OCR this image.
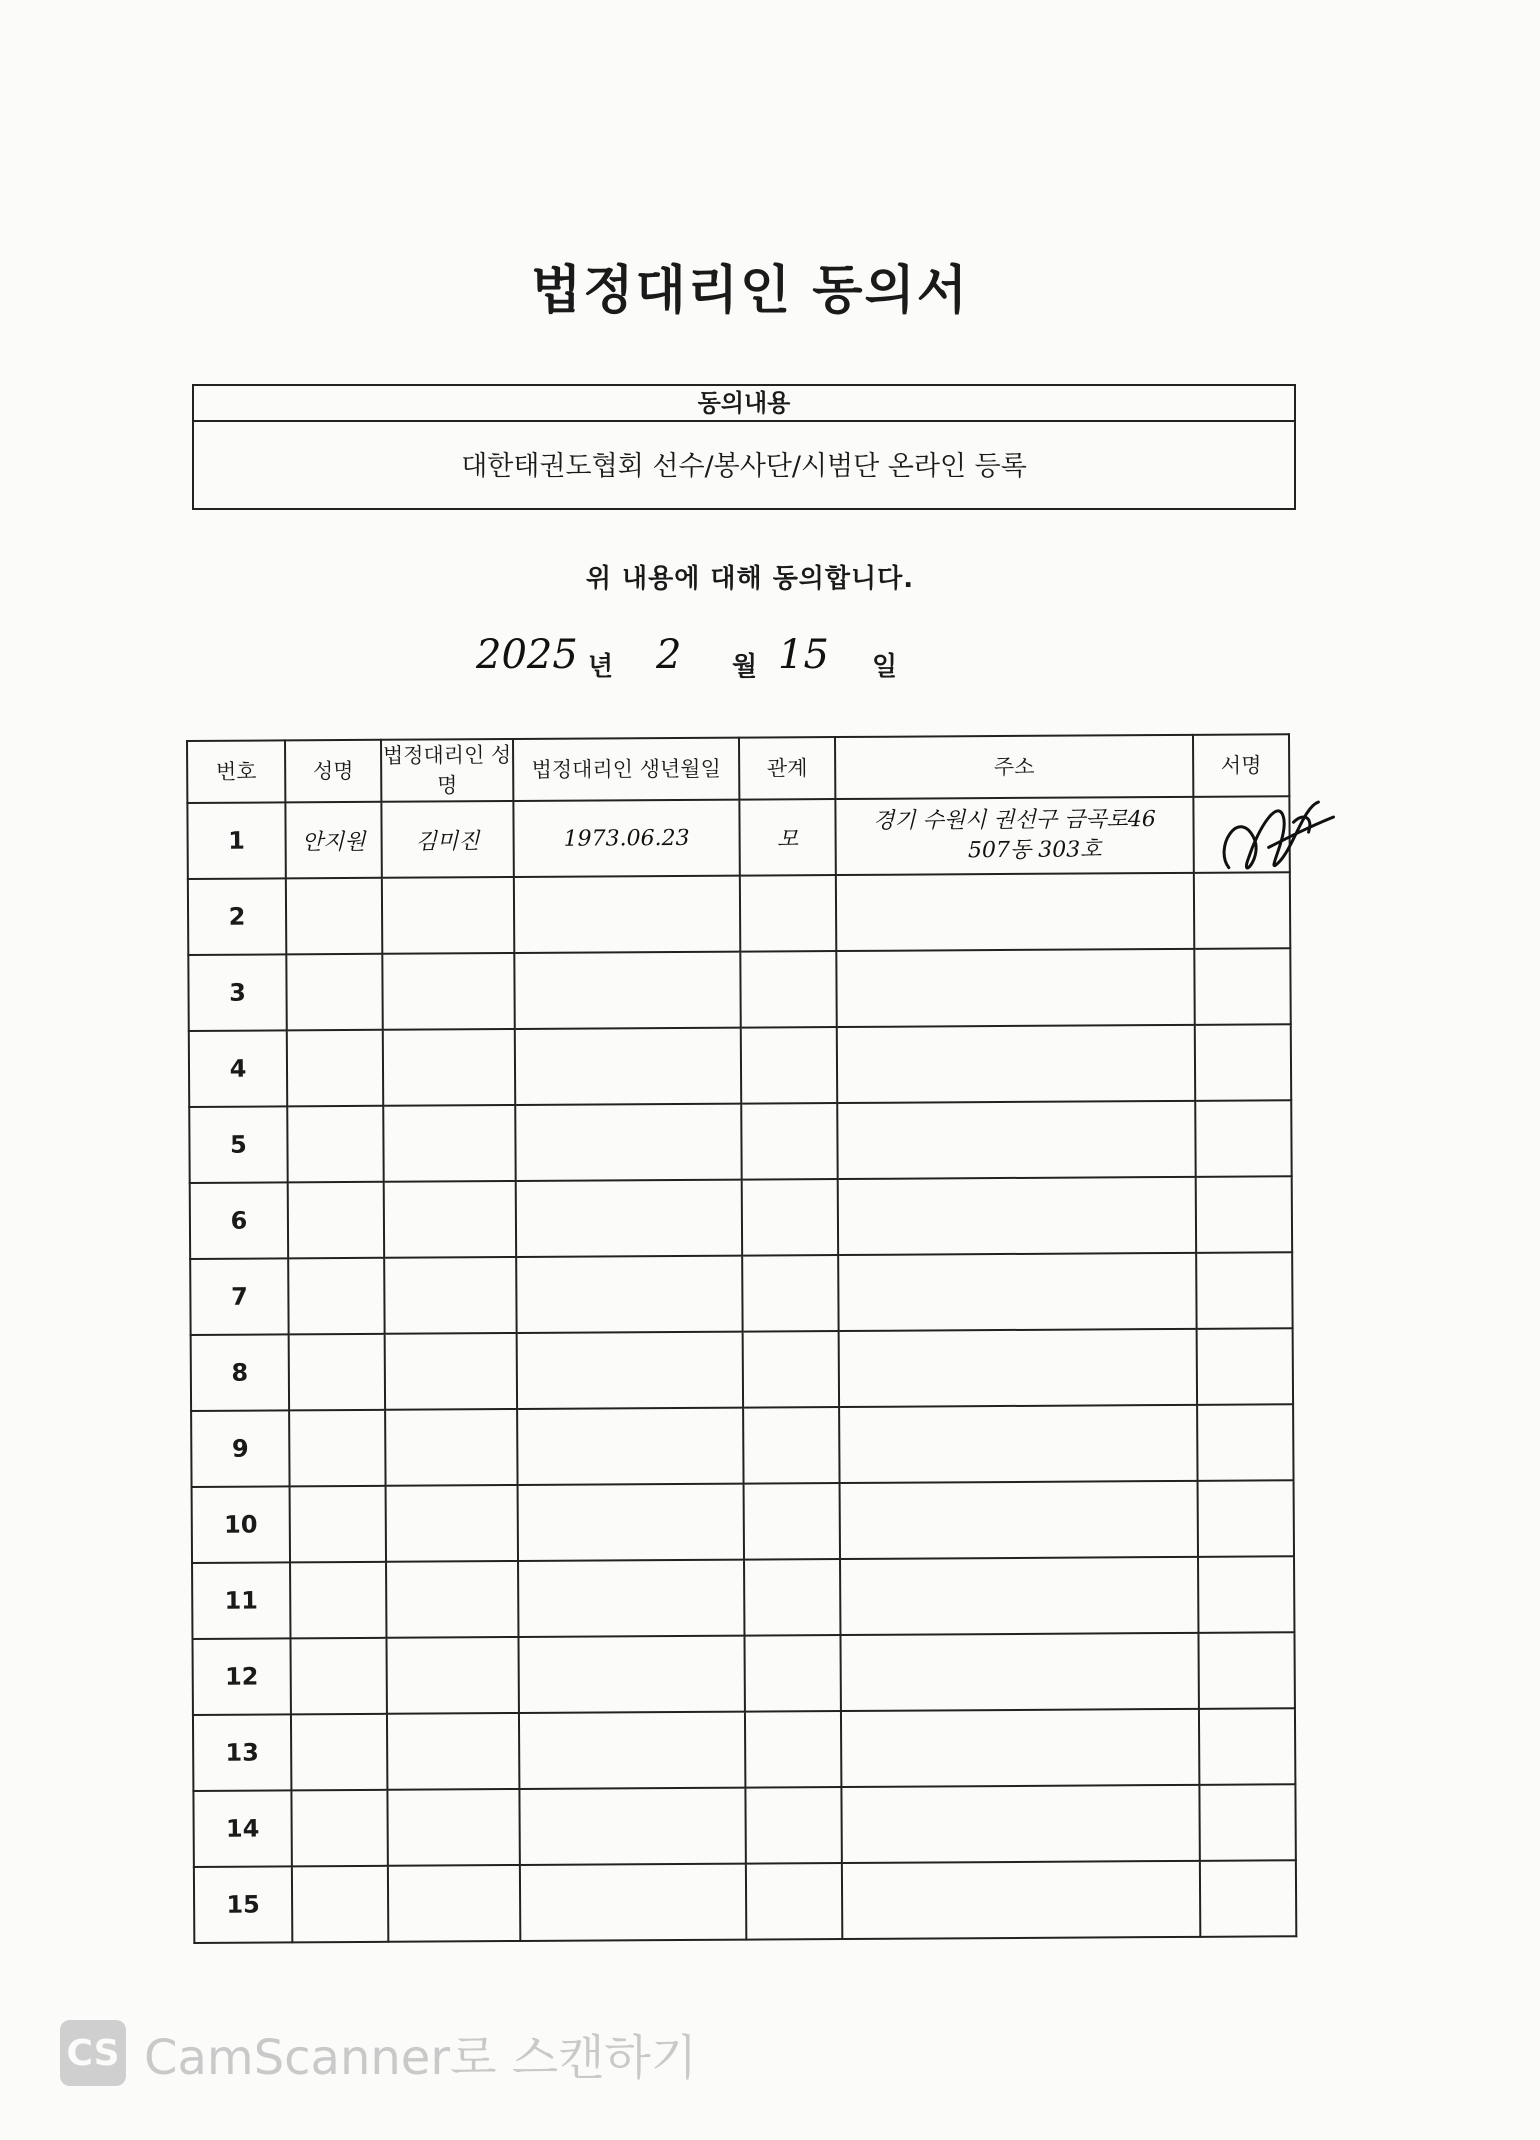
법정대리인 동의서
동의내용
대한태권도협회 선수/봉사단/시범단 온라인 등록
위 내용에 대해 동의합니다.
2025 년 2 월 15 일
번호	성명	법정대리인 성명	법정대리인 생년월일	관계	주소	서명
1	안지원	김미진	1973.06.23	모	경기 수원시 권선구 금곡로46
507동 303호

2						
3						
4						
5						
6						
7						
8						
9						
10						
11						
12						
13						
14						
15						
CS CamScanner로 스캔하기
